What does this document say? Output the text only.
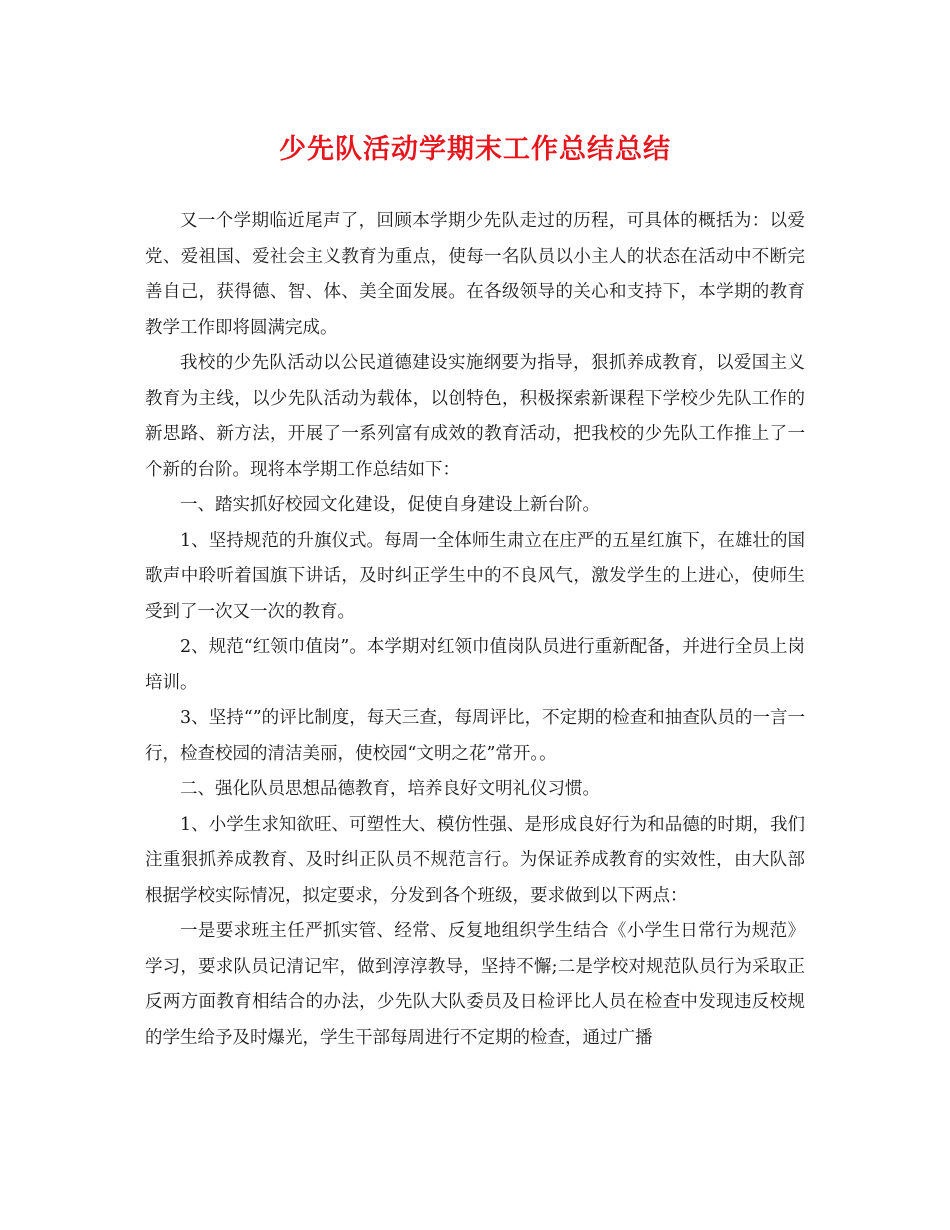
少先队活动学期末工作总结总结

又一个学期临近尾声了，回顾本学期少先队走过的历程，可具体的概括为：以爱党、爱祖国、爱社会主义教育为重点，使每一名队员以小主人的状态在活动中不断完善自己，获得德、智、体、美全面发展。在各级领导的关心和支持下，本学期的教育教学工作即将圆满完成。

我校的少先队活动以公民道德建设实施纲要为指导，狠抓养成教育，以爱国主义教育为主线，以少先队活动为载体，以创特色，积极探索新课程下学校少先队工作的新思路、新方法，开展了一系列富有成效的教育活动，把我校的少先队工作推上了一个新的台阶。现将本学期工作总结如下：

一、踏实抓好校园文化建设，促使自身建设上新台阶。

1、坚持规范的升旗仪式。每周一全体师生肃立在庄严的五星红旗下，在雄壮的国歌声中聆听着国旗下讲话，及时纠正学生中的不良风气，激发学生的上进心，使师生受到了一次又一次的教育。

2、规范“红领巾值岗”。本学期对红领巾值岗队员进行重新配备，并进行全员上岗培训。

3、坚持“”的评比制度，每天三查，每周评比，不定期的检查和抽查队员的一言一行，检查校园的清洁美丽，使校园“文明之花”常开。。

二、强化队员思想品德教育，培养良好文明礼仪习惯。

1、小学生求知欲旺、可塑性大、模仿性强、是形成良好行为和品德的时期，我们注重狠抓养成教育、及时纠正队员不规范言行。为保证养成教育的实效性，由大队部根据学校实际情况，拟定要求，分发到各个班级，要求做到以下两点：

一是要求班主任严抓实管、经常、反复地组织学生结合《小学生日常行为规范》学习，要求队员记清记牢，做到淳淳教导，坚持不懈;二是学校对规范队员行为采取正反两方面教育相结合的办法，少先队大队委员及日检评比人员在检查中发现违反校规的学生给予及时爆光，学生干部每周进行不定期的检查，通过广播
